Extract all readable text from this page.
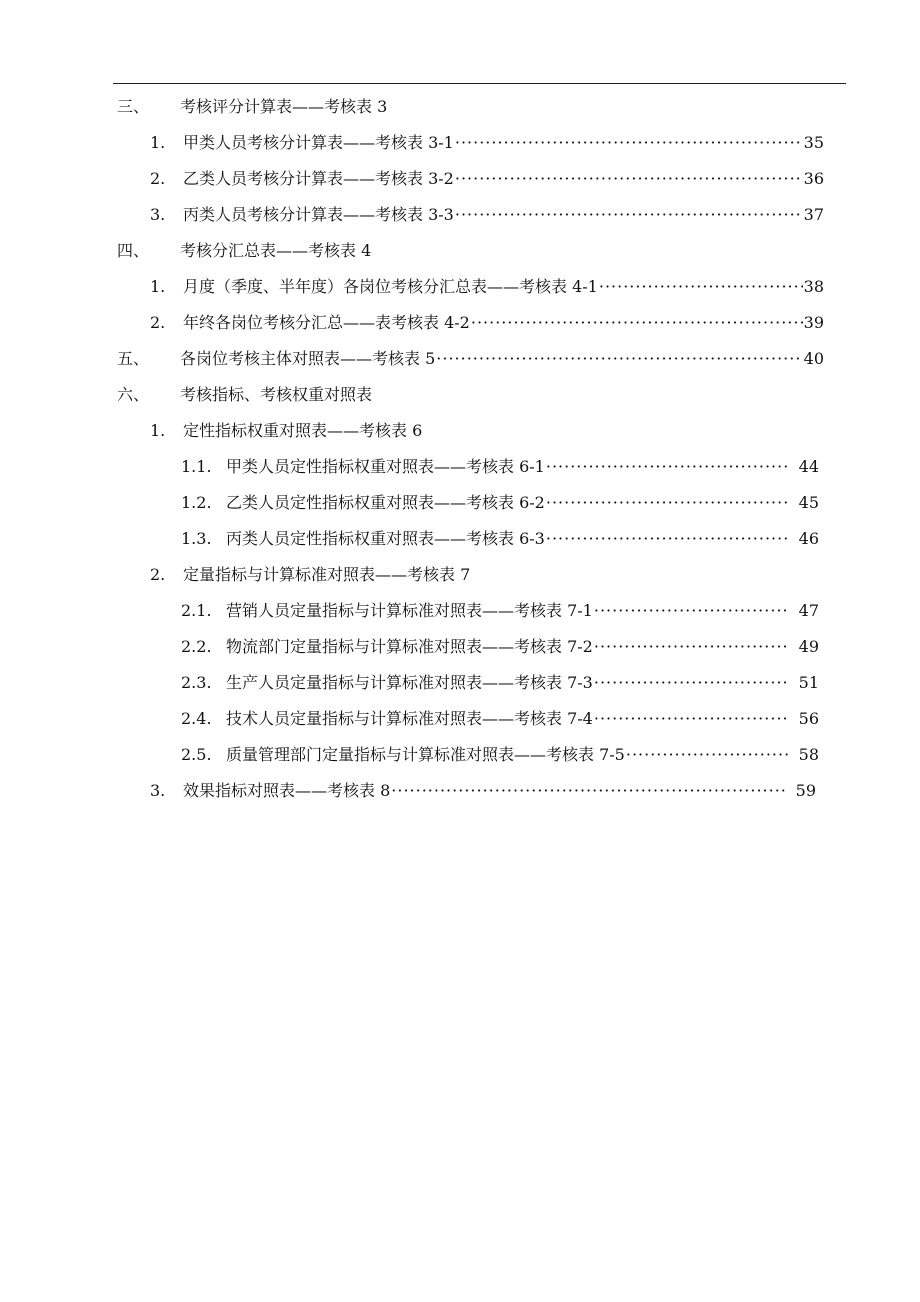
三、	考核评分计算表——考核表 3
1.	甲类人员考核分计算表——考核表 3-1 ·····	35
2.	乙类人员考核分计算表——考核表 3-2 ·····	36
3.	丙类人员考核分计算表——考核表 3-3 ·····	37
四、	考核分汇总表——考核表 4
1.	月度（季度、半年度）各岗位考核分汇总表——考核表 4-1 ·····	38
2.	年终各岗位考核分汇总——表考核表 4-2 ·····	39
五、	各岗位考核主体对照表——考核表 5 ·····	40
六、	考核指标、考核权重对照表
1.	定性指标权重对照表——考核表 6
1.1. 甲类人员定性指标权重对照表——考核表 6-1 ·····	44
1.2. 乙类人员定性指标权重对照表——考核表 6-2 ·····	45
1.3. 丙类人员定性指标权重对照表——考核表 6-3 ·····	46
2.	定量指标与计算标准对照表——考核表 7
2.1. 营销人员定量指标与计算标准对照表——考核表 7-1 ·····	47
2.2. 物流部门定量指标与计算标准对照表——考核表 7-2 ·····	49
2.3. 生产人员定量指标与计算标准对照表——考核表 7-3 ·····	51
2.4. 技术人员定量指标与计算标准对照表——考核表 7-4 ·····	56
2.5. 质量管理部门定量指标与计算标准对照表——考核表 7-5 ·····	58
3.	效果指标对照表——考核表 8 ·····	59
